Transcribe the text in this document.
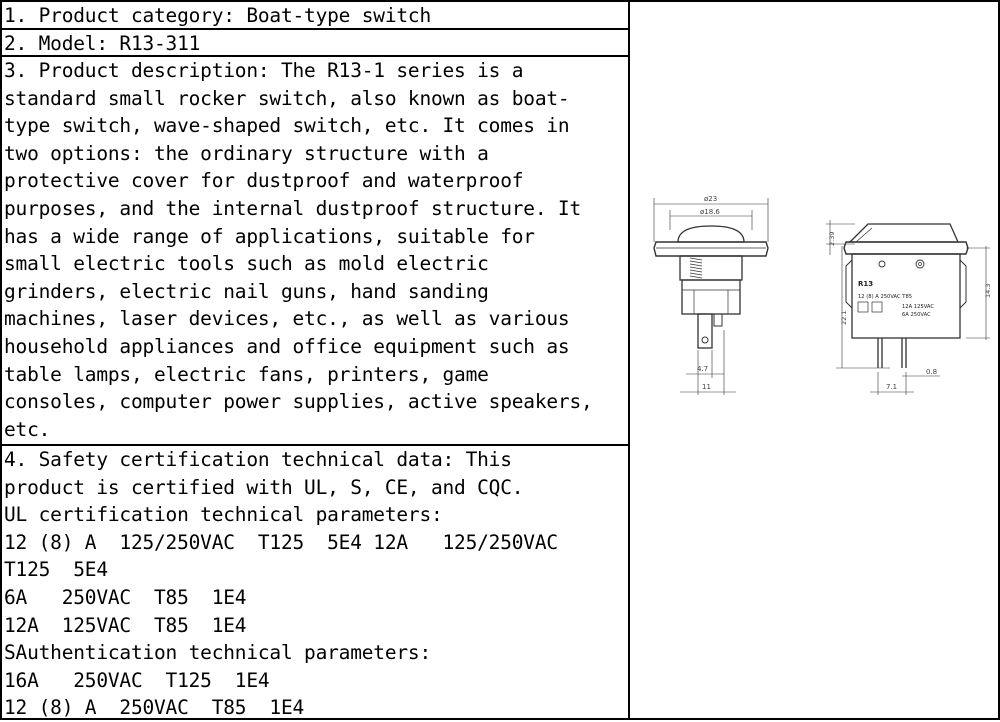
1. Product category: Boat-type switch
2. Model: R13-311
3. Product description: The R13-1 series is a
standard small rocker switch, also known as boat-
type switch, wave-shaped switch, etc. It comes in
two options: the ordinary structure with a
protective cover for dustproof and waterproof
purposes, and the internal dustproof structure. It
has a wide range of applications, suitable for
small electric tools such as mold electric
grinders, electric nail guns, hand sanding
machines, laser devices, etc., as well as various
household appliances and office equipment such as
table lamps, electric fans, printers, game
consoles, computer power supplies, active speakers,
etc.
4. Safety certification technical data: This
product is certified with UL, S, CE, and CQC.
UL certification technical parameters:
12 (8) A  125/250VAC  T125  5E4 12A   125/250VAC
T125  5E4
6A   250VAC  T85  1E4
12A  125VAC  T85  1E4
SAuthentication technical parameters:
16A   250VAC  T125  1E4
12 (8) A  250VAC  T85  1E4
ø23
ø18.6
4.7
11
2.39
22.1
R13
12 (8) A 250VAC T85
12A 125VAC
6A 250VAC
14.3
7.1
0.8
